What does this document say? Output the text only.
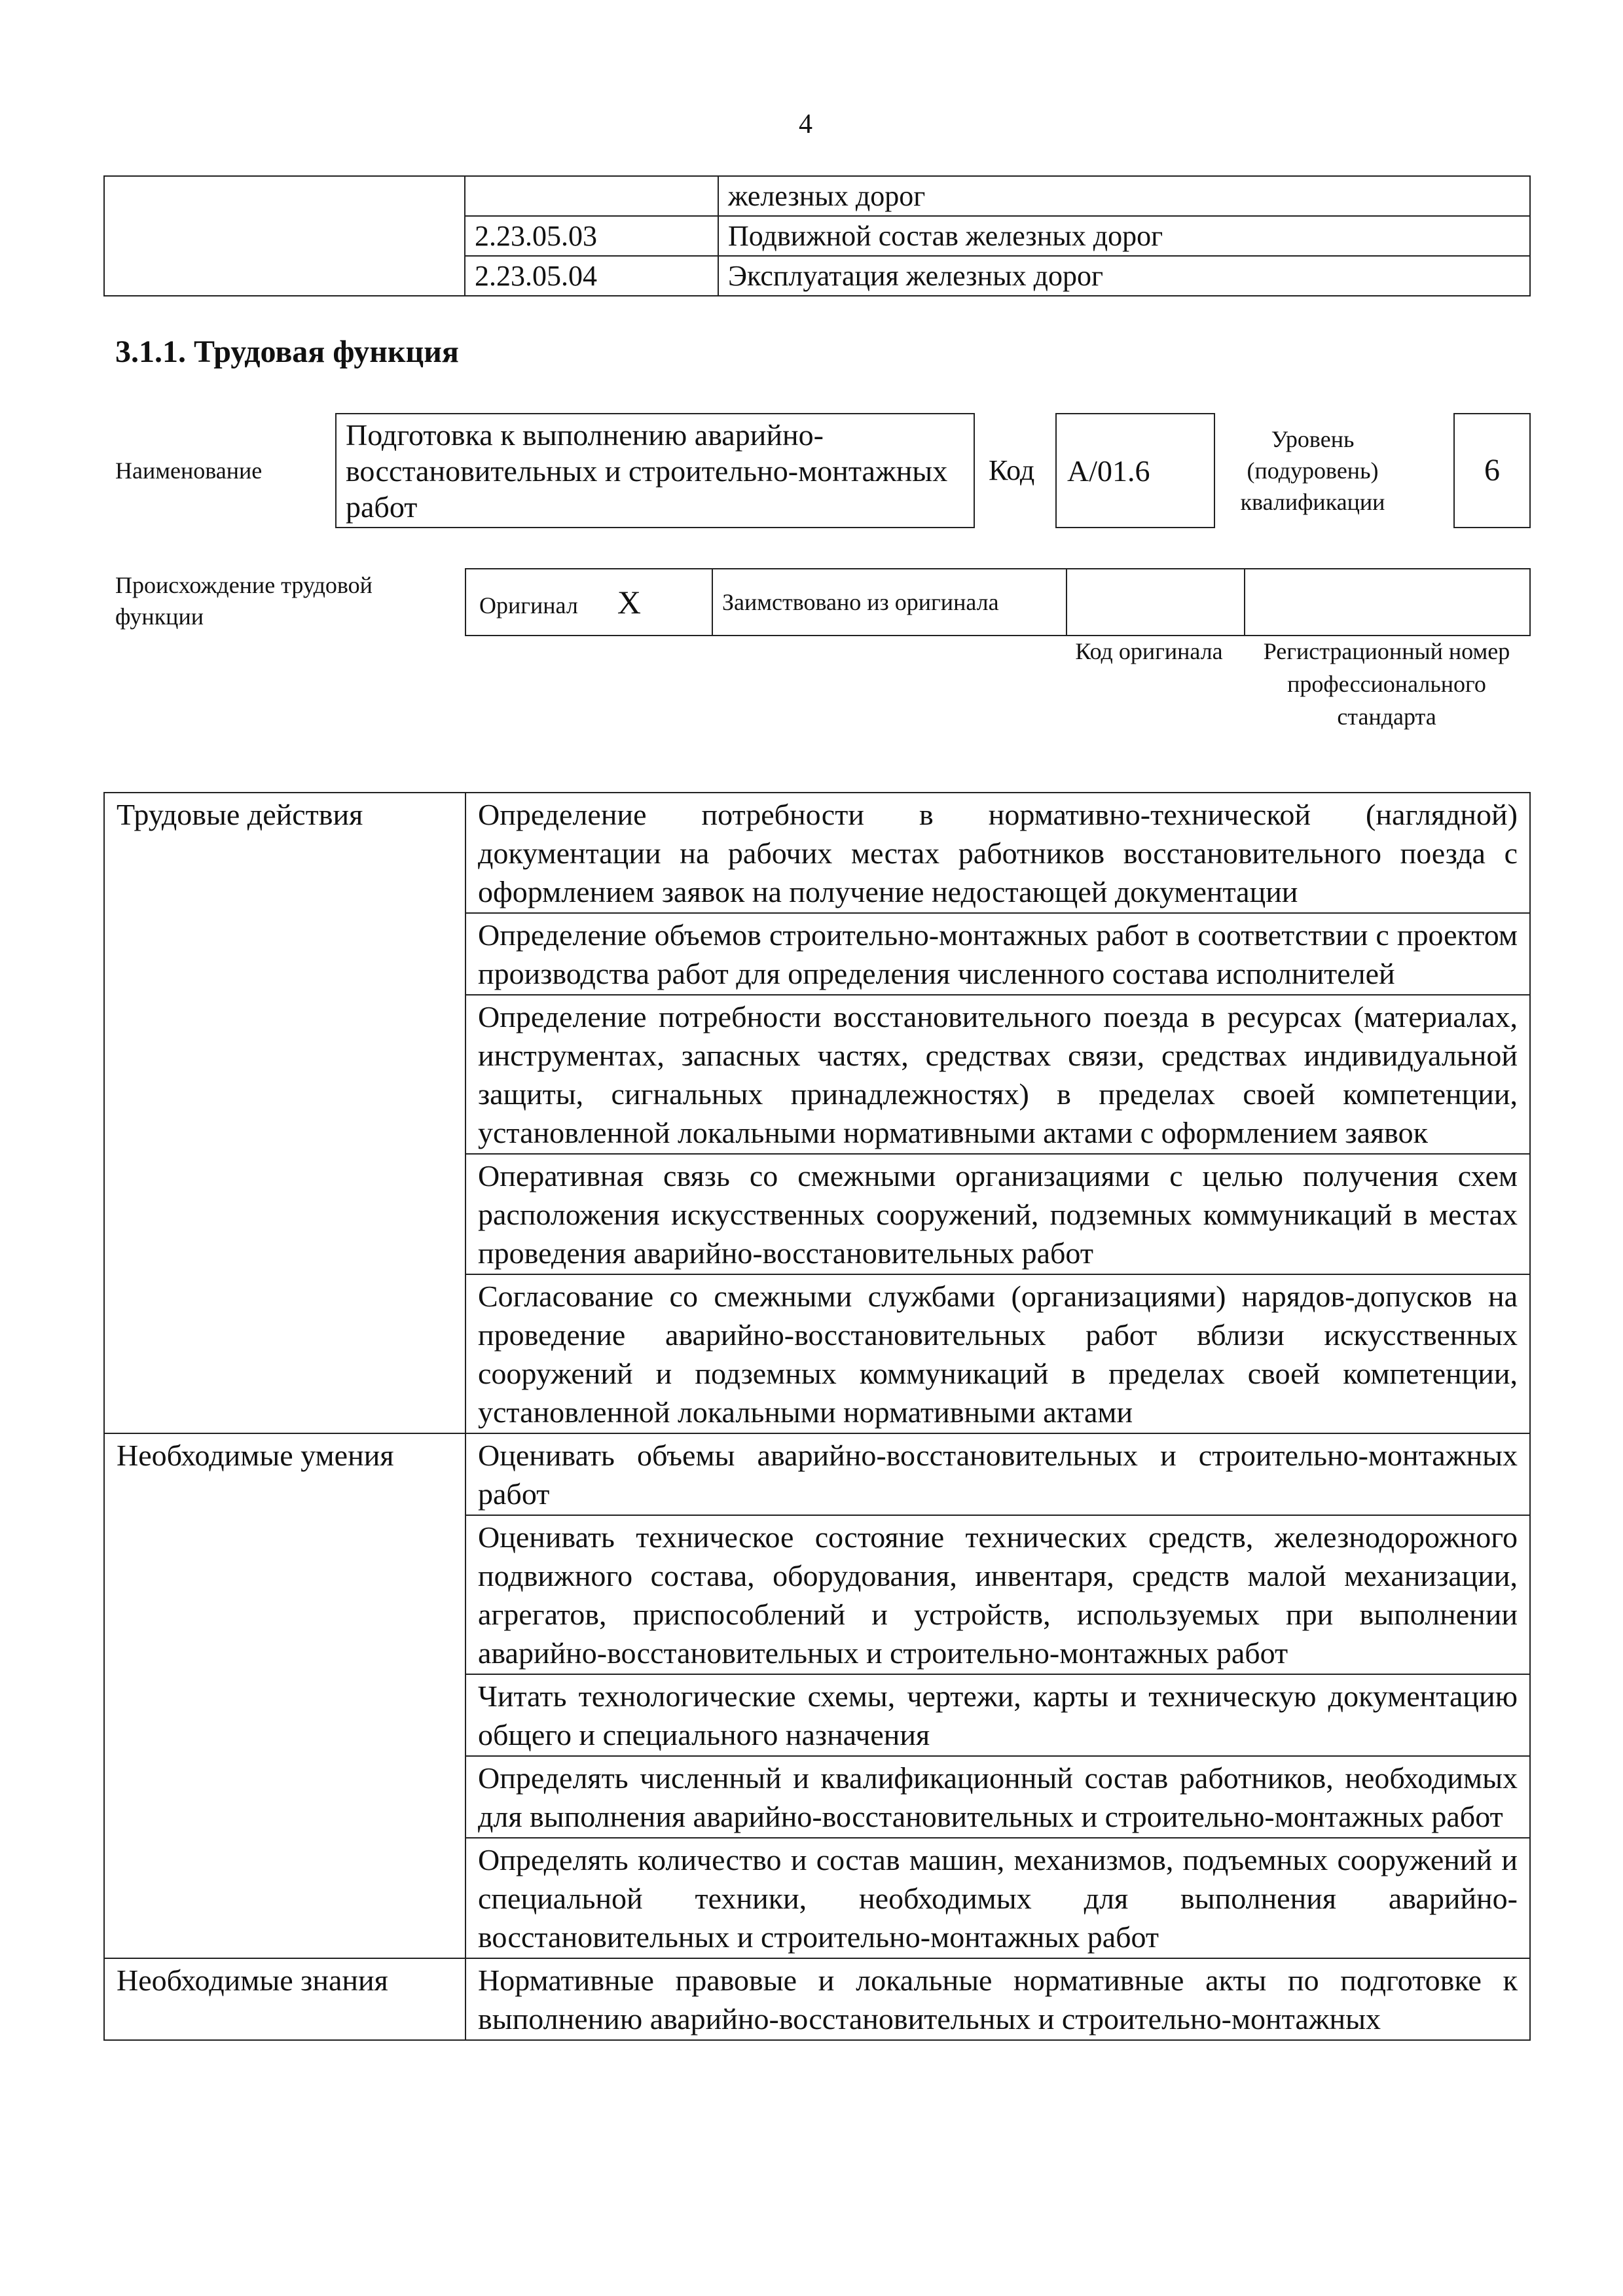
4
		железных дорог
	2.23.05.03	Подвижной состав железных дорог
	2.23.05.04	Эксплуатация железных дорог
3.1.1. Трудовая функция
Наименование
Подготовка к выполнению аварийно-восстановительных и строительно-монтажных работ
Код	А/01.6
Уровень
(подуровень)
квалификации
6
Происхождение трудовой функции	Оригинал X	Заимствовано из оригинала		
Код оригинала	Регистрационный номер профессионального стандарта
Трудовые действия	Определение потребности в нормативно-технической (наглядной) документации на рабочих местах работников восстановительного поезда с оформлением заявок на получение недостающей документации
	Определение объемов строительно-монтажных работ в соответствии с проектом производства работ для определения численного состава исполнителей
	Определение потребности восстановительного поезда в ресурсах (материалах, инструментах, запасных частях, средствах связи, средствах индивидуальной защиты, сигнальных принадлежностях) в пределах своей компетенции, установленной локальными нормативными актами с оформлением заявок
	Оперативная связь со смежными организациями с целью получения схем расположения искусственных сооружений, подземных коммуникаций в местах проведения аварийно-восстановительных работ
	Согласование со смежными службами (организациями) нарядов-допусков на проведение аварийно-восстановительных работ вблизи искусственных сооружений и подземных коммуникаций в пределах своей компетенции, установленной локальными нормативными актами
Необходимые умения	Оценивать объемы аварийно-восстановительных и строительно-монтажных работ
	Оценивать техническое состояние технических средств, железнодорожного подвижного состава, оборудования, инвентаря, средств малой механизации, агрегатов, приспособлений и устройств, используемых при выполнении аварийно-восстановительных и строительно-монтажных работ
	Читать технологические схемы, чертежи, карты и техническую документацию общего и специального назначения
	Определять численный и квалификационный состав работников, необходимых для выполнения аварийно-восстановительных и строительно-монтажных работ
	Определять количество и состав машин, механизмов, подъемных сооружений и специальной техники, необходимых для выполнения аварийно-восстановительных и строительно-монтажных работ
Необходимые знания	Нормативные правовые и локальные нормативные акты по подготовке к выполнению аварийно-восстановительных и строительно-монтажных
